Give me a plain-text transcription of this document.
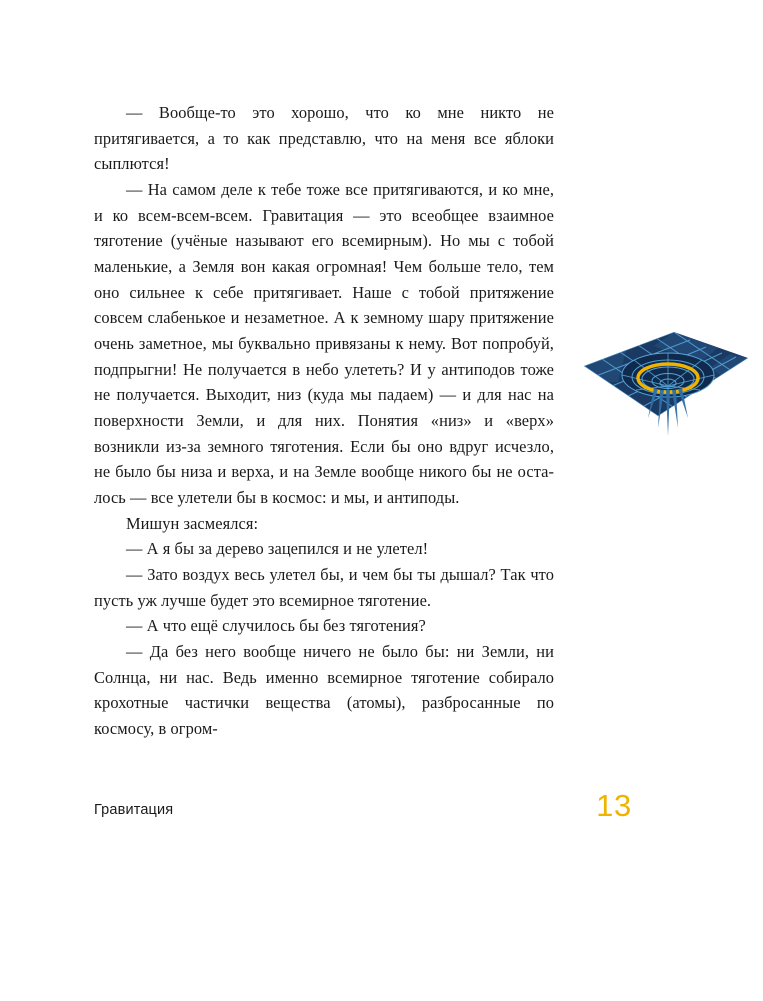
— Вообще-то это хорошо, что ко мне никто не притягивается, а то как представлю, что на меня все яблоки сыплются!

— На самом деле к тебе тоже все притягиваются, и ко мне, и ко всем-всем-всем. Гравитация — это всеобщее взаимное тяготение (учёные называют его всемирным). Но мы с тобой маленькие, а Земля вон какая огромная! Чем больше тело, тем оно сильнее к себе притягивает. Наше с тобой притяжение совсем слабенькое и незаметное. А к земному шару притяжение очень заметное, мы буквально привязаны к нему. Вот попробуй, подпрыгни! Не получается в небо улететь? И у антиподов тоже не получается. Выходит, низ (куда мы падаем) — и для нас на поверхности Земли, и для них. Понятия «низ» и «верх» возникли из-за земного тяготения. Если бы оно вдруг исчезло, не было бы низа и верха, и на Земле вообще никого бы не осталось — все улетели бы в космос: и мы, и антиподы.

Мишун засмеялся:

— А я бы за дерево зацепился и не улетел!

— Зато воздух весь улетел бы, и чем бы ты дышал? Так что пусть уж лучше будет это всемирное тяготение.

— А что ещё случилось бы без тяготения?

— Да без него вообще ничего не было бы: ни Земли, ни Солнца, ни нас. Ведь именно всемирное тяготение собирало крохотные частички вещества (атомы), разбросанные по космосу, в огром-

Гравитация	13
